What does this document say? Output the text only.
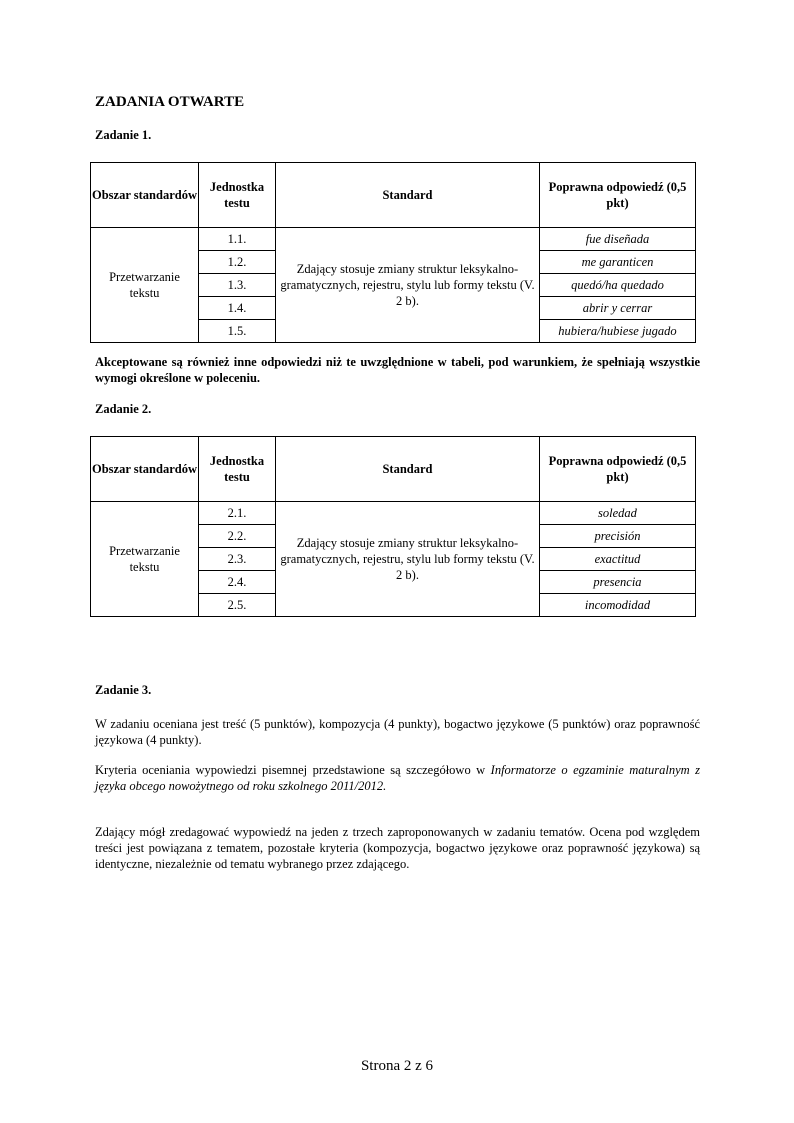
ZADANIA OTWARTE
Zadanie 1.
Obszar standardów	Jednostka testu	Standard	Poprawna odpowiedź (0,5 pkt)
Przetwarzanie tekstu	1.1.	Zdający stosuje zmiany struktur leksykalno-gramatycznych, rejestru, stylu lub formy tekstu (V. 2 b).	fue diseñada
	1.2.		me garanticen
	1.3.		quedó/ha quedado
	1.4.		abrir y cerrar
	1.5.		hubiera/hubiese jugado

Akceptowane są również inne odpowiedzi niż te uwzględnione w tabeli, pod warunkiem, że spełniają wszystkie wymogi określone w poleceniu.

Zadanie 2.
Obszar standardów	Jednostka testu	Standard	Poprawna odpowiedź (0,5 pkt)
Przetwarzanie tekstu	2.1.	Zdający stosuje zmiany struktur leksykalno-gramatycznych, rejestru, stylu lub formy tekstu (V. 2 b).	soledad
	2.2.		precisión
	2.3.		exactitud
	2.4.		presencia
	2.5.		incomodidad
Zadanie 3.

W zadaniu oceniana jest treść (5 punktów), kompozycja (4 punkty), bogactwo językowe (5 punktów) oraz poprawność językowa (4 punkty).

Kryteria oceniania wypowiedzi pisemnej przedstawione są szczegółowo w Informatorze o egzaminie maturalnym z języka obcego nowożytnego od roku szkolnego 2011/2012.

Zdający mógł zredagować wypowiedź na jeden z trzech zaproponowanych w zadaniu tematów. Ocena pod względem treści jest powiązana z tematem, pozostałe kryteria (kompozycja, bogactwo językowe oraz poprawność językowa) są identyczne, niezależnie od tematu wybranego przez zdającego.

Strona 2 z 6
